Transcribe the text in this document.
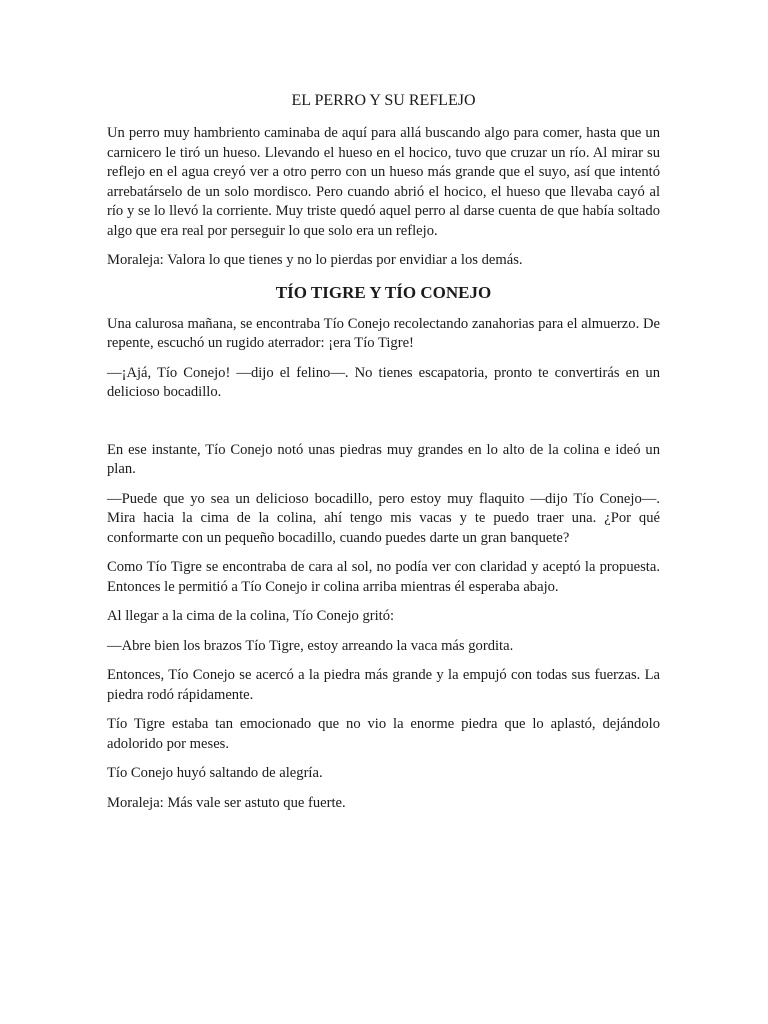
EL PERRO Y SU REFLEJO

Un perro muy hambriento caminaba de aquí para allá buscando algo para comer, hasta que un carnicero le tiró un hueso. Llevando el hueso en el hocico, tuvo que cruzar un río. Al mirar su reflejo en el agua creyó ver a otro perro con un hueso más grande que el suyo, así que intentó arrebatárselo de un solo mordisco. Pero cuando abrió el hocico, el hueso que llevaba cayó al río y se lo llevó la corriente. Muy triste quedó aquel perro al darse cuenta de que había soltado algo que era real por perseguir lo que solo era un reflejo.

Moraleja: Valora lo que tienes y no lo pierdas por envidiar a los demás.

TÍO TIGRE Y TÍO CONEJO

Una calurosa mañana, se encontraba Tío Conejo recolectando zanahorias para el almuerzo. De repente, escuchó un rugido aterrador: ¡era Tío Tigre!

—¡Ajá, Tío Conejo! —dijo el felino—. No tienes escapatoria, pronto te convertirás en un delicioso bocadillo.

En ese instante, Tío Conejo notó unas piedras muy grandes en lo alto de la colina e ideó un plan.

—Puede que yo sea un delicioso bocadillo, pero estoy muy flaquito —dijo Tío Conejo—. Mira hacia la cima de la colina, ahí tengo mis vacas y te puedo traer una. ¿Por qué conformarte con un pequeño bocadillo, cuando puedes darte un gran banquete?

Como Tío Tigre se encontraba de cara al sol, no podía ver con claridad y aceptó la propuesta. Entonces le permitió a Tío Conejo ir colina arriba mientras él esperaba abajo.

Al llegar a la cima de la colina, Tío Conejo gritó:

—Abre bien los brazos Tío Tigre, estoy arreando la vaca más gordita.

Entonces, Tío Conejo se acercó a la piedra más grande y la empujó con todas sus fuerzas. La piedra rodó rápidamente.

Tío Tigre estaba tan emocionado que no vio la enorme piedra que lo aplastó, dejándolo adolorido por meses.

Tío Conejo huyó saltando de alegría.

Moraleja: Más vale ser astuto que fuerte.
